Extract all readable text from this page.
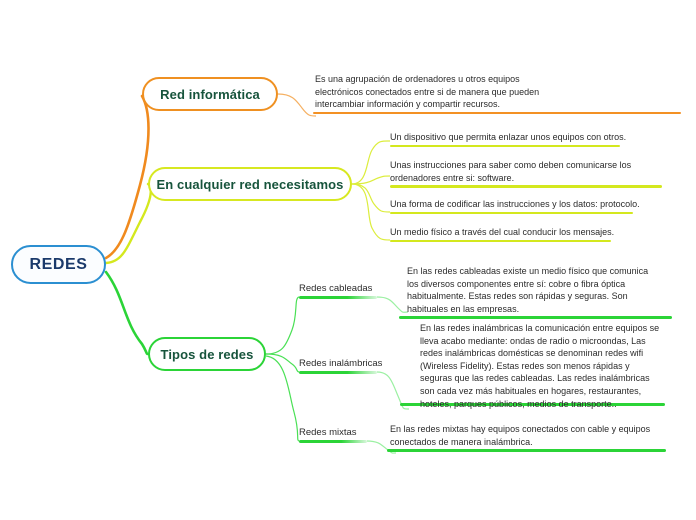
REDES
Red informática
En cualquier red necesitamos
Tipos de redes
Es una agrupación de ordenadores u otros equipos electrónicos conectados entre si de manera que pueden intercambiar información y compartir recursos.
Un dispositivo que permita enlazar unos equipos con otros.
Unas instrucciones para saber como deben comunicarse los ordenadores entre si: software.
Una forma de codificar las instrucciones y los datos: protocolo.
Un medio físico a través del cual conducir los mensajes.
Redes cableadas
Redes inalámbricas
Redes mixtas
En las redes cableadas existe un medio físico que comunica los diversos componentes entre sí: cobre o fibra óptica habitualmente. Estas redes son rápidas y seguras. Son habituales en las empresas.
En las redes inalámbricas la comunicación entre equipos se lleva acabo mediante: ondas de radio o microondas, Las redes inalámbricas domésticas se denominan redes wifi (Wireless Fidelity). Estas redes son menos rápidas y seguras que las redes cableadas. Las redes inalámbricas son cada vez más habituales en hogares, restaurantes, hoteles, parques públicos, medios de transporte..
En las redes mixtas hay equipos conectados con cable y equipos conectados de manera inalámbrica.
